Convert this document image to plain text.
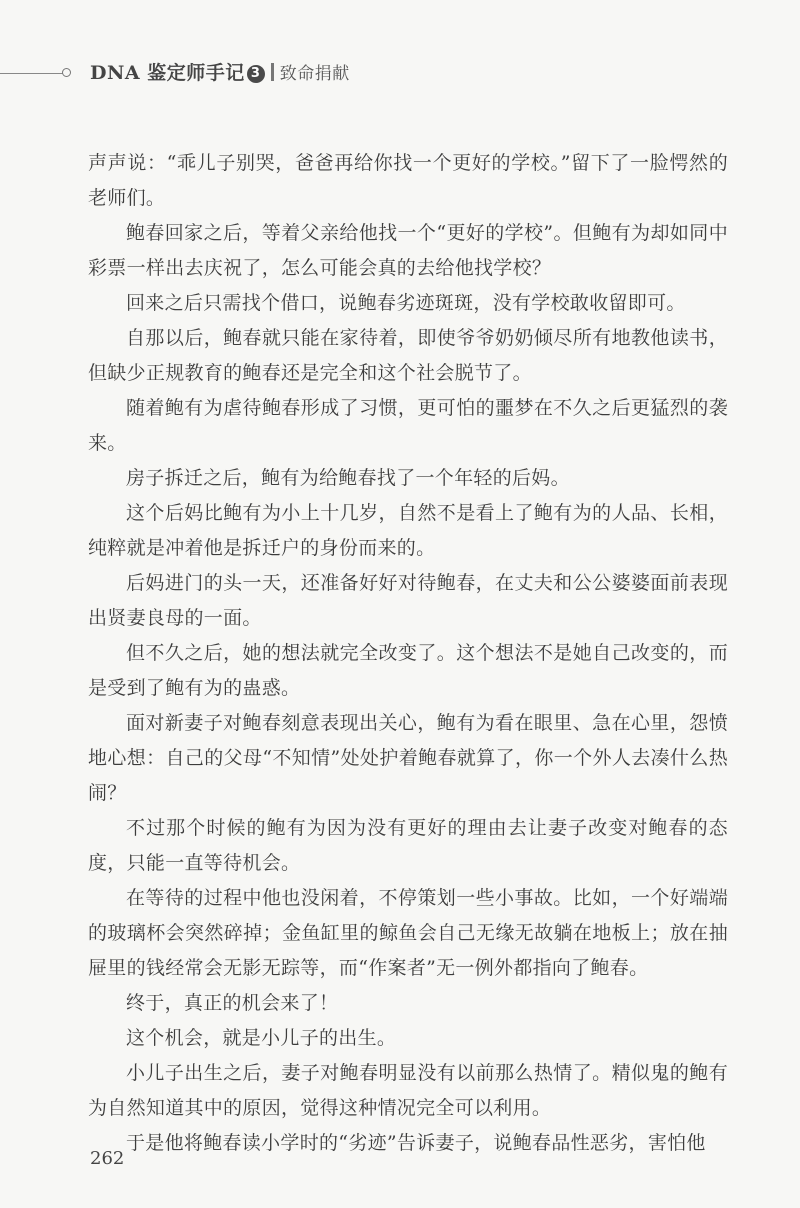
DNA 鉴定师手记 3 致命捐献

声声说：“乖儿子别哭，爸爸再给你找一个更好的学校。”留下了一脸愕然的老师们。

鲍春回家之后，等着父亲给他找一个“更好的学校”。但鲍有为却如同中彩票一样出去庆祝了，怎么可能会真的去给他找学校？

回来之后只需找个借口，说鲍春劣迹斑斑，没有学校敢收留即可。

自那以后，鲍春就只能在家待着，即使爷爷奶奶倾尽所有地教他读书，但缺少正规教育的鲍春还是完全和这个社会脱节了。

随着鲍有为虐待鲍春形成了习惯，更可怕的噩梦在不久之后更猛烈的袭来。

房子拆迁之后，鲍有为给鲍春找了一个年轻的后妈。

这个后妈比鲍有为小上十几岁，自然不是看上了鲍有为的人品、长相，纯粹就是冲着他是拆迁户的身份而来的。

后妈进门的头一天，还准备好好对待鲍春，在丈夫和公公婆婆面前表现出贤妻良母的一面。

但不久之后，她的想法就完全改变了。这个想法不是她自己改变的，而是受到了鲍有为的蛊惑。

面对新妻子对鲍春刻意表现出关心，鲍有为看在眼里、急在心里，怨愤地心想：自己的父母“不知情”处处护着鲍春就算了，你一个外人去凑什么热闹？

不过那个时候的鲍有为因为没有更好的理由去让妻子改变对鲍春的态度，只能一直等待机会。

在等待的过程中他也没闲着，不停策划一些小事故。比如，一个好端端的玻璃杯会突然碎掉；金鱼缸里的鲸鱼会自己无缘无故躺在地板上；放在抽屉里的钱经常会无影无踪等，而“作案者”无一例外都指向了鲍春。

终于，真正的机会来了！

这个机会，就是小儿子的出生。

小儿子出生之后，妻子对鲍春明显没有以前那么热情了。精似鬼的鲍有为自然知道其中的原因，觉得这种情况完全可以利用。

于是他将鲍春读小学时的“劣迹”告诉妻子，说鲍春品性恶劣，害怕他

262
